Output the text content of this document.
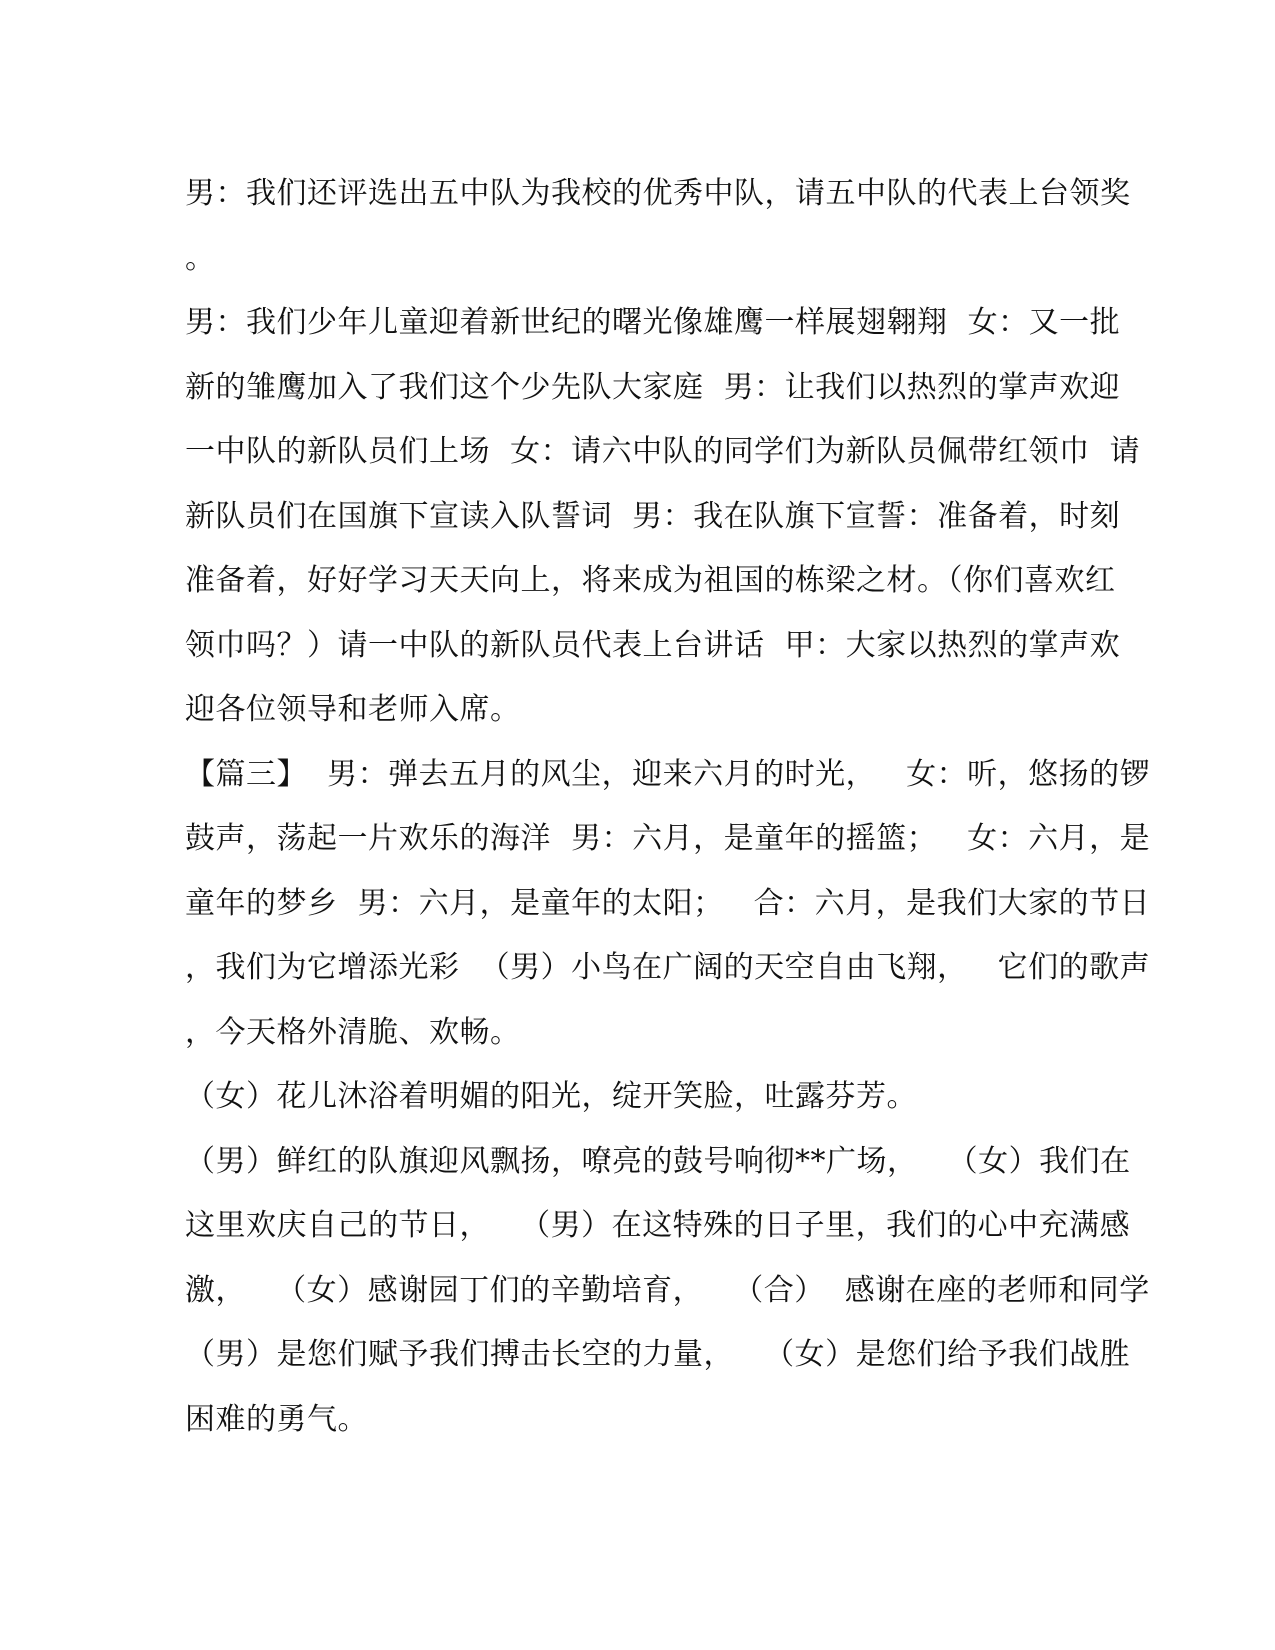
男：我们还评选出五中队为我校的优秀中队，请五中队的代表上台领奖
。
男：我们少年儿童迎着新世纪的曙光像雄鹰一样展翅翱翔  女：又一批
新的雏鹰加入了我们这个少先队大家庭  男：让我们以热烈的掌声欢迎
一中队的新队员们上场  女：请六中队的同学们为新队员佩带红领巾  请
新队员们在国旗下宣读入队誓词  男：我在队旗下宣誓：准备着，时刻
准备着，好好学习天天向上，将来成为祖国的栋梁之材。（你们喜欢红
领巾吗？）请一中队的新队员代表上台讲话  甲：大家以热烈的掌声欢
迎各位领导和老师入席。
【篇三】  男：弹去五月的风尘，迎来六月的时光，   女：听，悠扬的锣
鼓声，荡起一片欢乐的海洋  男：六月，是童年的摇篮；   女：六月，是
童年的梦乡  男：六月，是童年的太阳；   合：六月，是我们大家的节日
，我们为它增添光彩  （男）小鸟在广阔的天空自由飞翔，   它们的歌声
，今天格外清脆、欢畅。
（女）花儿沐浴着明媚的阳光，绽开笑脸，吐露芬芳。
（男）鲜红的队旗迎风飘扬，嘹亮的鼓号响彻**广场，   （女）我们在
这里欢庆自己的节日，   （男）在这特殊的日子里，我们的心中充满感
激，   （女）感谢园丁们的辛勤培育，   （合）  感谢在座的老师和同学
（男）是您们赋予我们搏击长空的力量，   （女）是您们给予我们战胜
困难的勇气。
